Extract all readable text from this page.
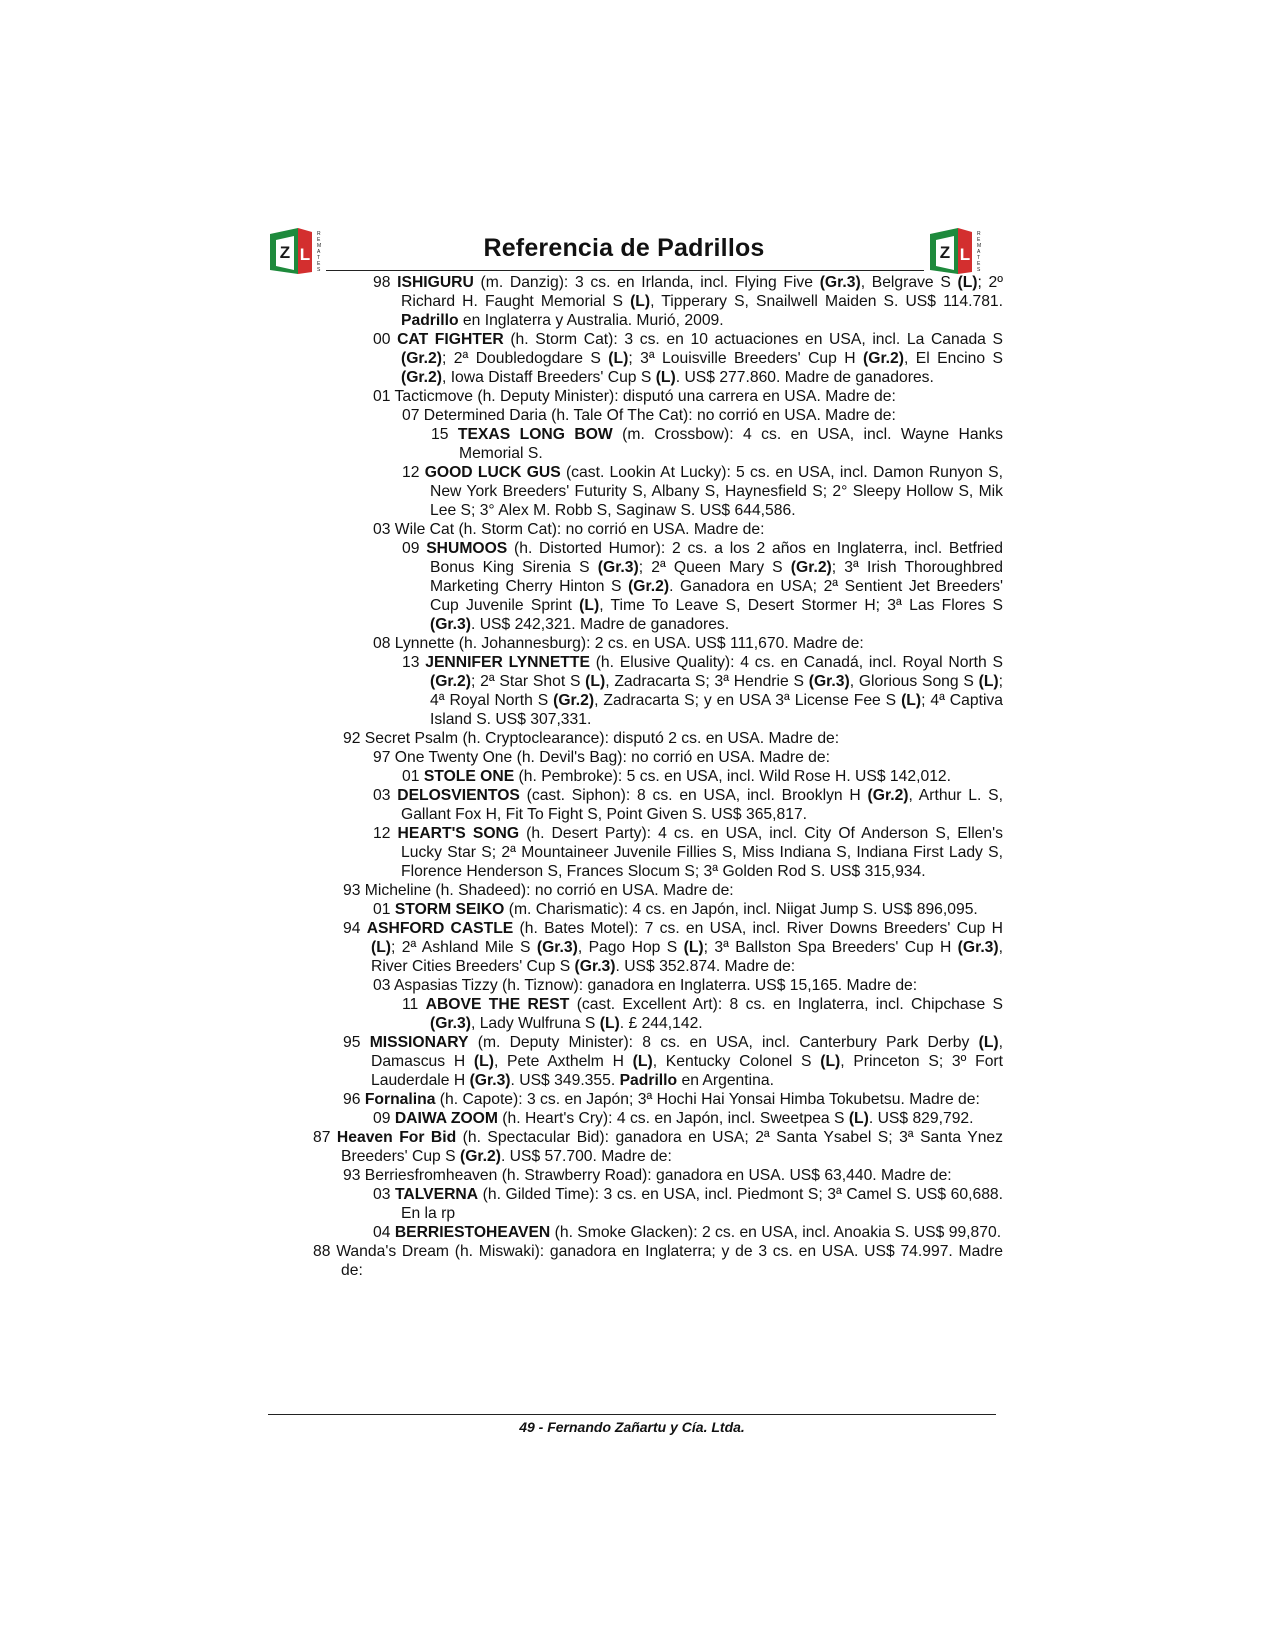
Z L
R
E
M
A
T
E
S
Referencia de Padrillos	Z L
R
E
M
A
T
E
S

98 ISHIGURU (m. Danzig): 3 cs. en Irlanda, incl. Flying Five (Gr.3), Belgrave S (L); 2º Richard H. Faught Memorial S (L), Tipperary S, Snailwell Maiden S. US$ 114.781. Padrillo en Inglaterra y Australia. Murió, 2009.

00 CAT FIGHTER (h. Storm Cat): 3 cs. en 10 actuaciones en USA, incl. La Canada S (Gr.2); 2ª Doubledogdare S (L); 3ª Louisville Breeders' Cup H (Gr.2), El Encino S (Gr.2), Iowa Distaff Breeders' Cup S (L). US$ 277.860. Madre de ganadores.

01 Tacticmove (h. Deputy Minister): disputó una carrera en USA. Madre de:

07 Determined Daria (h. Tale Of The Cat): no corrió en USA. Madre de:

15 TEXAS LONG BOW (m. Crossbow): 4 cs. en USA, incl. Wayne Hanks Memorial S.

12 GOOD LUCK GUS (cast. Lookin At Lucky): 5 cs. en USA, incl. Damon Runyon S, New York Breeders' Futurity S, Albany S, Haynesfield S; 2° Sleepy Hollow S, Mik Lee S; 3° Alex M. Robb S, Saginaw S. US$ 644,586.

03 Wile Cat (h. Storm Cat): no corrió en USA. Madre de:

09 SHUMOOS (h. Distorted Humor): 2 cs. a los 2 años en Inglaterra, incl. Betfried Bonus King Sirenia S (Gr.3); 2ª Queen Mary S (Gr.2); 3ª Irish Thoroughbred Marketing Cherry Hinton S (Gr.2). Ganadora en USA; 2ª Sentient Jet Breeders' Cup Juvenile Sprint (L), Time To Leave S, Desert Stormer H; 3ª Las Flores S (Gr.3). US$ 242,321. Madre de ganadores.

08 Lynnette (h. Johannesburg): 2 cs. en USA. US$ 111,670. Madre de:

13 JENNIFER LYNNETTE (h. Elusive Quality): 4 cs. en Canadá, incl. Royal North S (Gr.2); 2ª Star Shot S (L), Zadracarta S; 3ª Hendrie S (Gr.3), Glorious Song S (L); 4ª Royal North S (Gr.2), Zadracarta S; y en USA 3ª License Fee S (L); 4ª Captiva Island S. US$ 307,331.

92 Secret Psalm (h. Cryptoclearance): disputó 2 cs. en USA. Madre de:

97 One Twenty One (h. Devil's Bag): no corrió en USA. Madre de:

01 STOLE ONE (h. Pembroke): 5 cs. en USA, incl. Wild Rose H. US$ 142,012.

03 DELOSVIENTOS (cast. Siphon): 8 cs. en USA, incl. Brooklyn H (Gr.2), Arthur L. S, Gallant Fox H, Fit To Fight S, Point Given S. US$ 365,817.

12 HEART'S SONG (h. Desert Party): 4 cs. en USA, incl. City Of Anderson S, Ellen's Lucky Star S; 2ª Mountaineer Juvenile Fillies S, Miss Indiana S, Indiana First Lady S, Florence Henderson S, Frances Slocum S; 3ª Golden Rod S. US$ 315,934.

93 Micheline (h. Shadeed): no corrió en USA. Madre de:

01 STORM SEIKO (m. Charismatic): 4 cs. en Japón, incl. Niigat Jump S. US$ 896,095.

94 ASHFORD CASTLE (h. Bates Motel): 7 cs. en USA, incl. River Downs Breeders' Cup H (L); 2ª Ashland Mile S (Gr.3), Pago Hop S (L); 3ª Ballston Spa Breeders' Cup H (Gr.3), River Cities Breeders' Cup S (Gr.3). US$ 352.874. Madre de:

03 Aspasias Tizzy (h. Tiznow): ganadora en Inglaterra. US$ 15,165. Madre de:

11 ABOVE THE REST (cast. Excellent Art): 8 cs. en Inglaterra, incl. Chipchase S (Gr.3), Lady Wulfruna S (L). £ 244,142.

95 MISSIONARY (m. Deputy Minister): 8 cs. en USA, incl. Canterbury Park Derby (L), Damascus H (L), Pete Axthelm H (L), Kentucky Colonel S (L), Princeton S; 3º Fort Lauderdale H (Gr.3). US$ 349.355. Padrillo en Argentina.

96 Fornalina (h. Capote): 3 cs. en Japón; 3ª Hochi Hai Yonsai Himba Tokubetsu. Madre de:

09 DAIWA ZOOM (h. Heart's Cry): 4 cs. en Japón, incl. Sweetpea S (L). US$ 829,792.

87 Heaven For Bid (h. Spectacular Bid): ganadora en USA; 2ª Santa Ysabel S; 3ª Santa Ynez Breeders' Cup S (Gr.2). US$ 57.700. Madre de:

93 Berriesfromheaven (h. Strawberry Road): ganadora en USA. US$ 63,440. Madre de:

03 TALVERNA (h. Gilded Time): 3 cs. en USA, incl. Piedmont S; 3ª Camel S. US$ 60,688. En la rp

04 BERRIESTOHEAVEN (h. Smoke Glacken): 2 cs. en USA, incl. Anoakia S. US$ 99,870.

88 Wanda's Dream (h. Miswaki): ganadora en Inglaterra; y de 3 cs. en USA. US$ 74.997. Madre de:

49 - Fernando Zañartu y Cía. Ltda.
